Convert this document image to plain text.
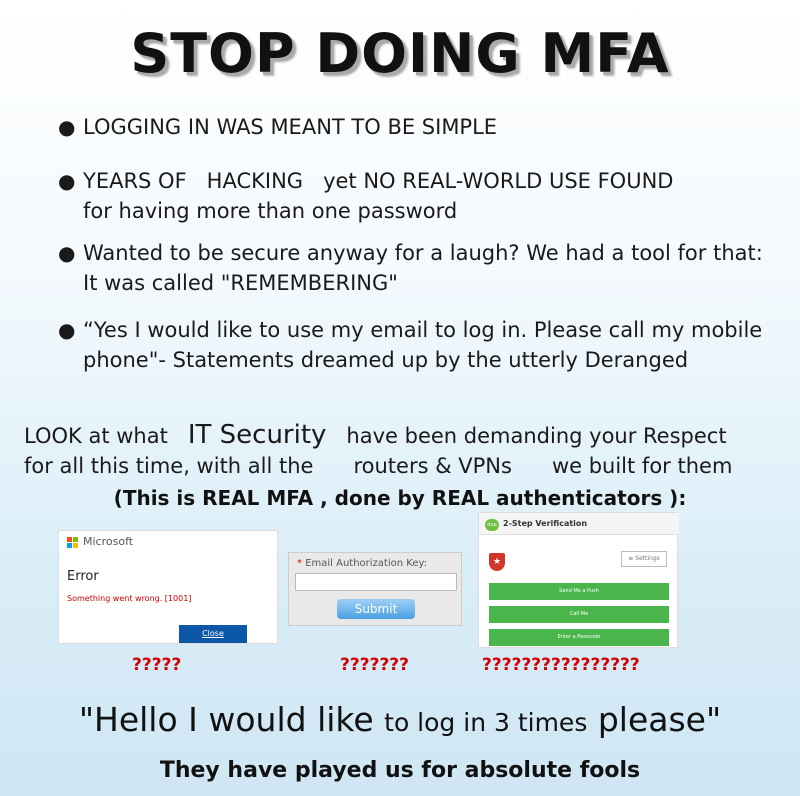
STOP DOING MFA
● LOGGING IN WAS MEANT TO BE SIMPLE
● YEARS OF HACKING yet NO REAL-WORLD USE FOUND
for having more than one password
● Wanted to be secure anyway for a laugh? We had a tool for that: It was called "REMEMBERING"
● “Yes I would like to use my email to log in. Please call my mobile phone"- Statements dreamed up by the utterly Deranged
LOOK at what IT Security have been demanding your Respect
for all this time, with all the routers & VPNs we built for them
(This is REAL MFA , done by REAL authenticators ):
Microsoft
Error
Something went wrong. [1001]
Close
* Email Authorization Key:
Submit
duo 2-Step Verification
★	≡ Settings
Send Me a Push
Call Me
Enter a Passcode
?????	???????	????????????????
"Hello I would like to log in 3 times please"
They have played us for absolute fools
